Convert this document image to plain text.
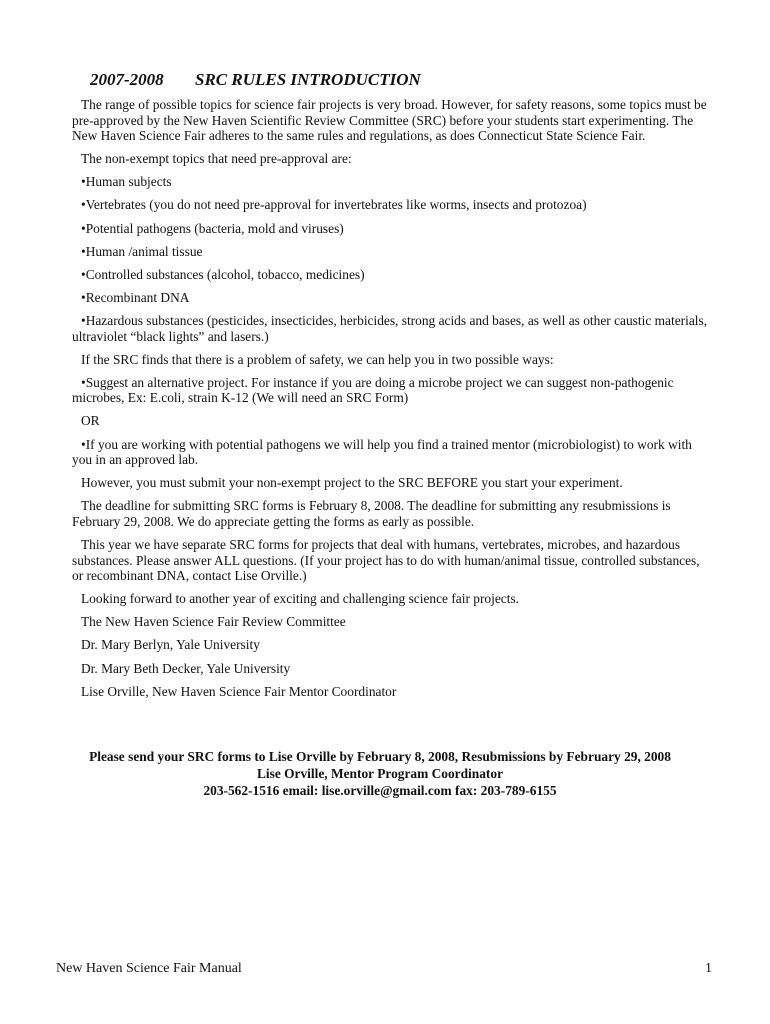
2007-2008 SRC RULES INTRODUCTION

The range of possible topics for science fair projects is very broad. However, for safety reasons, some topics must be pre-approved by the New Haven Scientific Review Committee (SRC) before your students start experimenting. The New Haven Science Fair adheres to the same rules and regulations, as does Connecticut State Science Fair.

The non-exempt topics that need pre-approval are:

•Human subjects

•Vertebrates (you do not need pre-approval for invertebrates like worms, insects and protozoa)

•Potential pathogens (bacteria, mold and viruses)

•Human /animal tissue

•Controlled substances (alcohol, tobacco, medicines)

•Recombinant DNA

•Hazardous substances (pesticides, insecticides, herbicides, strong acids and bases, as well as other caustic materials, ultraviolet “black lights” and lasers.)

If the SRC finds that there is a problem of safety, we can help you in two possible ways:

•Suggest an alternative project. For instance if you are doing a microbe project we can suggest non-pathogenic microbes, Ex: E.coli, strain K-12 (We will need an SRC Form)

OR

•If you are working with potential pathogens we will help you find a trained mentor (microbiologist) to work with you in an approved lab.

However, you must submit your non-exempt project to the SRC BEFORE you start your experiment.

The deadline for submitting SRC forms is February 8, 2008. The deadline for submitting any resubmissions is February 29, 2008. We do appreciate getting the forms as early as possible.

This year we have separate SRC forms for projects that deal with humans, vertebrates, microbes, and hazardous substances. Please answer ALL questions. (If your project has to do with human/animal tissue, controlled substances, or recombinant DNA, contact Lise Orville.)

Looking forward to another year of exciting and challenging science fair projects.

The New Haven Science Fair Review Committee

Dr. Mary Berlyn, Yale University

Dr. Mary Beth Decker, Yale University

Lise Orville, New Haven Science Fair Mentor Coordinator

Please send your SRC forms to Lise Orville by February 8, 2008, Resubmissions by February 29, 2008
Lise Orville, Mentor Program Coordinator
203-562-1516 email: lise.orville@gmail.com fax: 203-789-6155
New Haven Science Fair Manual	1
